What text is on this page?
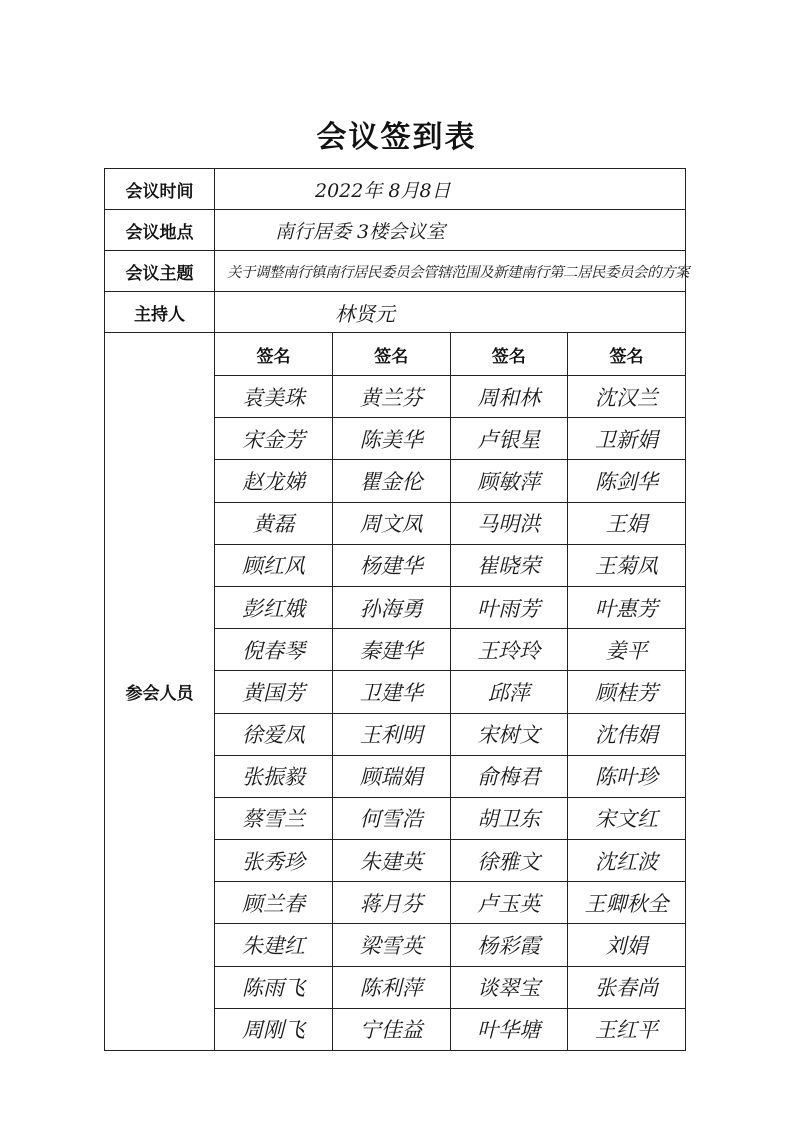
会议签到表
会议时间	2022年 8月8日
会议地点	南行居委 3楼会议室
会议主题	关于调整南行镇南行居民委员会管辖范围及新建南行第二居民委员会的方案
主持人	林贤元
参会人员	
签名	签名	签名	签名
袁美珠	黄兰芬	周和林	沈汉兰
宋金芳	陈美华	卢银星	卫新娟
赵龙娣	瞿金伦	顾敏萍	陈剑华
黄磊	周文凤	马明洪	王娟
顾红风	杨建华	崔晓荣	王菊凤
彭红娥	孙海勇	叶雨芳	叶惠芳
倪春琴	秦建华	王玲玲	姜平
黄国芳	卫建华	邱萍	顾桂芳
徐爱凤	王利明	宋树文	沈伟娟
张振毅	顾瑞娟	俞梅君	陈叶珍
蔡雪兰	何雪浩	胡卫东	宋文红
张秀珍	朱建英	徐雅文	沈红波
顾兰春	蒋月芬	卢玉英	王卿秋全
朱建红	梁雪英	杨彩霞	刘娟
陈雨飞	陈利萍	谈翠宝	张春尚
周刚飞	宁佳益	叶华塘	王红平
